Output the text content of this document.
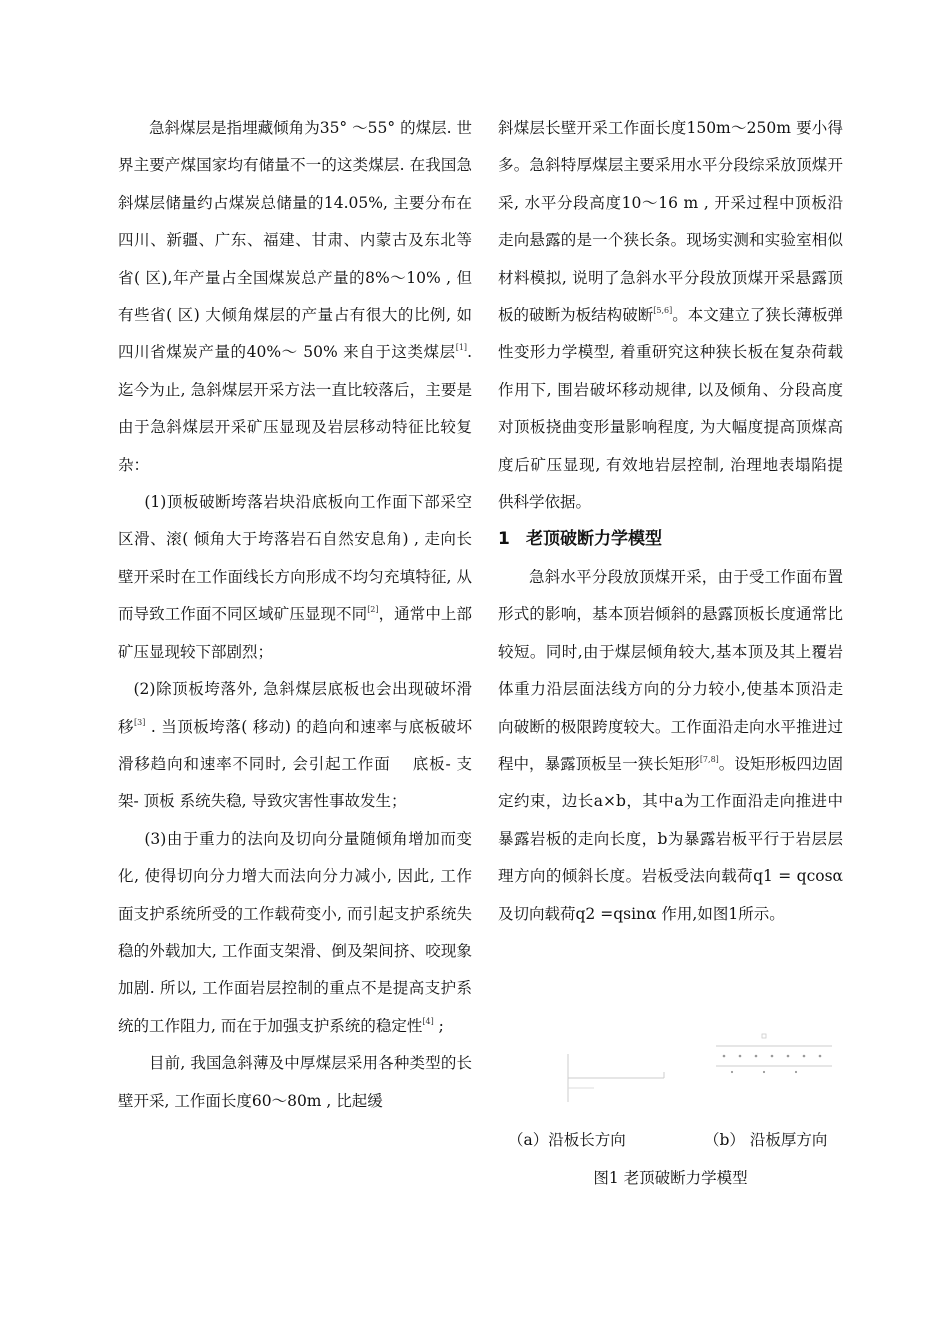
急斜煤层是指埋藏倾角为35° ～55° 的煤层. 世界主要产煤国家均有储量不一的这类煤层. 在我国急斜煤层储量约占煤炭总储量的14.05%, 主要分布在四川、新疆、广东、福建、甘肃、内蒙古及东北等省( 区),年产量占全国煤炭总产量的8%～10% , 但有些省( 区) 大倾角煤层的产量占有很大的比例, 如四川省煤炭产量的40%～ 50% 来自于这类煤层[1]. 迄今为止, 急斜煤层开采方法一直比较落后，主要是由于急斜煤层开采矿压显现及岩层移动特征比较复杂：

(1)顶板破断垮落岩块沿底板向工作面下部采空区滑、滚( 倾角大于垮落岩石自然安息角) , 走向长壁开采时在工作面线长方向形成不均匀充填特征, 从而导致工作面不同区域矿压显现不同[2]，通常中上部矿压显现较下部剧烈；

(2)除顶板垮落外, 急斜煤层底板也会出现破坏滑移[3] . 当顶板垮落( 移动) 的趋向和速率与底板破坏滑移趋向和速率不同时, 会引起工作面　 底板- 支架- 顶板 系统失稳, 导致灾害性事故发生；

(3)由于重力的法向及切向分量随倾角增加而变化, 使得切向分力增大而法向分力减小, 因此, 工作面支护系统所受的工作载荷变小, 而引起支护系统失稳的外载加大, 工作面支架滑、倒及架间挤、咬现象加剧. 所以, 工作面岩层控制的重点不是提高支护系统的工作阻力, 而在于加强支护系统的稳定性[4] ;

目前, 我国急斜薄及中厚煤层采用各种类型的长壁开采, 工作面长度60～80m , 比起缓

斜煤层长壁开采工作面长度150m～250m 要小得多。急斜特厚煤层主要采用水平分段综采放顶煤开采, 水平分段高度10～16 m , 开采过程中顶板沿走向悬露的是一个狭长条。现场实测和实验室相似材料模拟, 说明了急斜水平分段放顶煤开采悬露顶板的破断为板结构破断[5,6]。本文建立了狭长薄板弹性变形力学模型, 着重研究这种狭长板在复杂荷载作用下, 围岩破坏移动规律, 以及倾角、分段高度对顶板挠曲变形量影响程度, 为大幅度提高顶煤高度后矿压显现, 有效地岩层控制, 治理地表塌陷提供科学依据。

1 老顶破断力学模型

急斜水平分段放顶煤开采，由于受工作面布置形式的影响，基本顶岩倾斜的悬露顶板长度通常比较短。同时,由于煤层倾角较大,基本顶及其上覆岩体重力沿层面法线方向的分力较小,使基本顶沿走向破断的极限跨度较大。工作面沿走向水平推进过程中，暴露顶板呈一狭长矩形[7,8]。设矩形板四边固定约束，边长a×b，其中a为工作面沿走向推进中暴露岩板的走向长度，b为暴露岩板平行于岩层层理方向的倾斜长度。岩板受法向载荷q1 = qcosα 及切向载荷q2 =qsinα 作用,如图1所示。

（a）沿板长方向	（b） 沿板厚方向
图1 老顶破断力学模型
